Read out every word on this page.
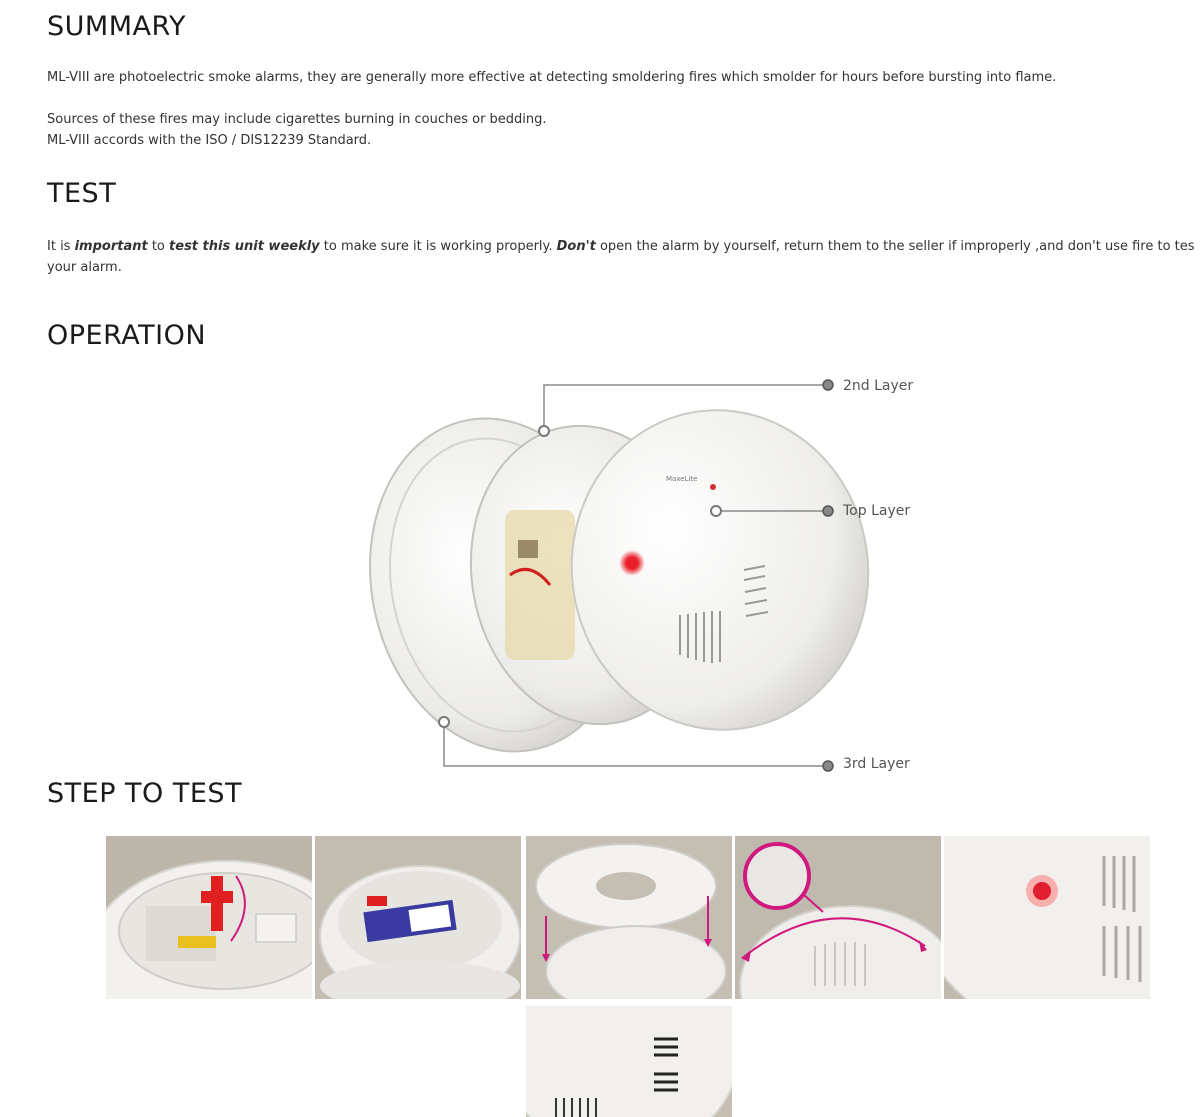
SUMMARY

ML-VIII are photoelectric smoke alarms, they are generally more effective at detecting smoldering fires which smolder for hours before bursting into flame.

Sources of these fires may include cigarettes burning in couches or bedding.

ML-VIII accords with the ISO / DIS12239 Standard.

TEST

It is important to test this unit weekly to make sure it is working properly. Don't open the alarm by yourself, return them to the seller if improperly ,and don't use fire to tes

your alarm.

OPERATION
MaxeLite
2nd Layer
Top Layer
3rd Layer
STEP TO TEST
